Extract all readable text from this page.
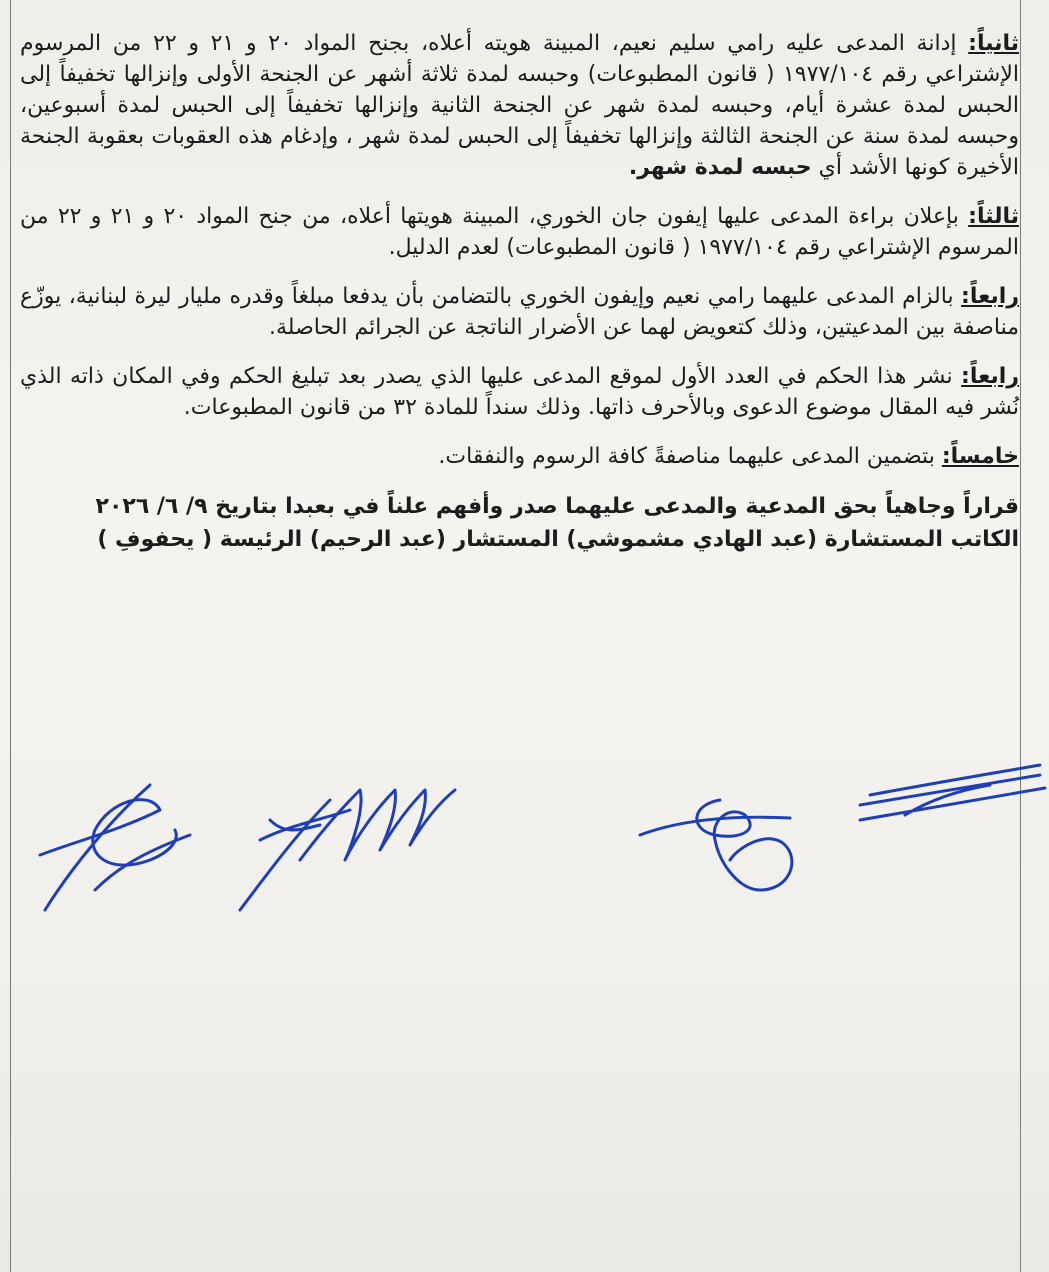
ثانياً: إدانة المدعى عليه رامي سليم نعيم، المبينة هويته أعلاه، بجنح المواد ٢٠ و ٢١ و ٢٢ من المرسوم الإشتراعي رقم ١٩٧٧/١٠٤ ( قانون المطبوعات) وحبسه لمدة ثلاثة أشهر عن الجنحة الأولى وإنزالها تخفيفاً إلى الحبس لمدة عشرة أيام، وحبسه لمدة شهر عن الجنحة الثانية وإنزالها تخفيفاً إلى الحبس لمدة أسبوعين، وحبسه لمدة سنة عن الجنحة الثالثة وإنزالها تخفيفاً إلى الحبس لمدة شهر ، وإدغام هذه العقوبات بعقوبة الجنحة الأخيرة كونها الأشد أي حبسه لمدة شهر.

ثالثاً: بإعلان براءة المدعى عليها إيفون جان الخوري، المبينة هويتها أعلاه، من جنح المواد ٢٠ و ٢١ و ٢٢ من المرسوم الإشتراعي رقم ١٩٧٧/١٠٤ ( قانون المطبوعات) لعدم الدليل.

رابعاً: بالزام المدعى عليهما رامي نعيم وإيفون الخوري بالتضامن بأن يدفعا مبلغاً وقدره مليار ليرة لبنانية، يوزّع مناصفة بين المدعيتين، وذلك كتعويض لهما عن الأضرار الناتجة عن الجرائم الحاصلة.

رابعاً: نشر هذا الحكم في العدد الأول لموقع المدعى عليها الذي يصدر بعد تبليغ الحكم وفي المكان ذاته الذي نُشر فيه المقال موضوع الدعوى وبالأحرف ذاتها. وذلك سنداً للمادة ٣٢ من قانون المطبوعات.

خامساً: بتضمين المدعى عليهما مناصفةً كافة الرسوم والنفقات.

قراراً وجاهياً بحق المدعية والمدعى عليهما صدر وأفهم علناً في بعبدا بتاريخ ٩/ ٦/ ٢٠٢٦

الكاتب المستشارة (عبد الهادي مشموشي) المستشار (عبد الرحيم) الرئيسة ( يحفوفِ )
